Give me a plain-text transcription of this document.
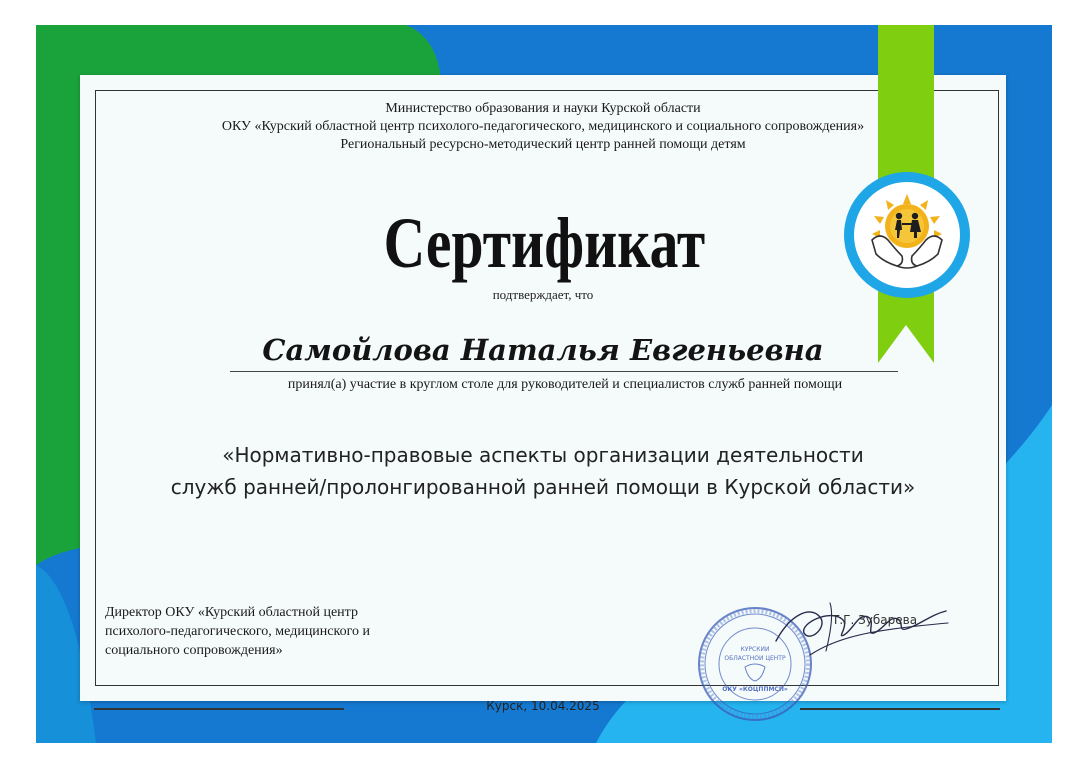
Министерство образования и науки Курской области
ОКУ «Курский областной центр психолого-педагогического, медицинского и социального сопровождения»
Региональный ресурсно-методический центр ранней помощи детям
Сертификат
подтверждает, что
Самойлова Наталья Евгеньевна
принял(а) участие в круглом столе для руководителей и специалистов служб ранней помощи
«Нормативно-правовые аспекты организации деятельности
служб ранней/пролонгированной ранней помощи в Курской области»
Директор ОКУ «Курский областной центр
психолого-педагогического, медицинского и
социального сопровождения»	КУРСКИЙ
ОБЛАСТНОЙ ЦЕНТР
ОКУ «КОЦППМСП»
Т.Г. Зубарева
Курск, 10.04.2025
